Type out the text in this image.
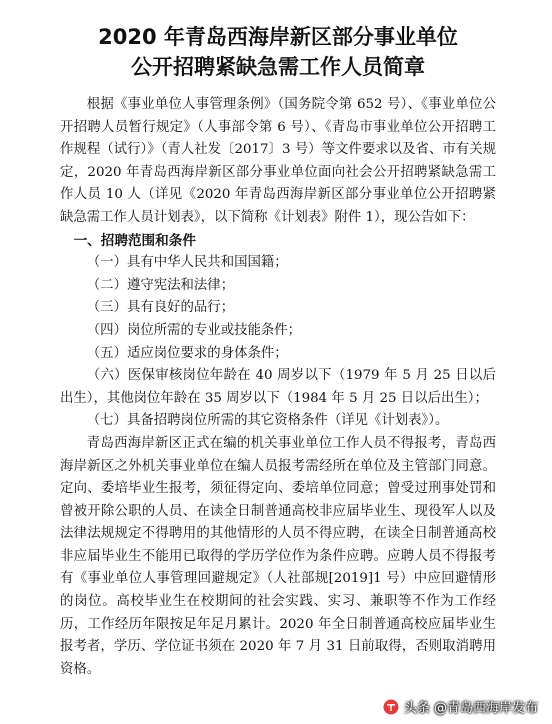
2020 年青岛西海岸新区部分事业单位
公开招聘紧缺急需工作人员简章

根据《事业单位人事管理条例》（国务院令第 652 号）、《事业单位公开招聘人员暂行规定》（人事部令第 6 号）、《青岛市事业单位公开招聘工作规程（试行）》（青人社发〔2017〕3 号）等文件要求以及省、市有关规定，2020 年青岛西海岸新区部分事业单位面向社会公开招聘紧缺急需工作人员 10 人（详见《2020 年青岛西海岸新区部分事业单位公开招聘紧缺急需工作人员计划表》，以下简称《计划表》附件 1），现公告如下：

一、招聘范围和条件

（一）具有中华人民共和国国籍；

（二）遵守宪法和法律；

（三）具有良好的品行；

（四）岗位所需的专业或技能条件；

（五）适应岗位要求的身体条件；

（六）医保审核岗位年龄在 40 周岁以下（1979 年 5 月 25 日以后出生），其他岗位年龄在 35 周岁以下（1984 年 5 月 25 日以后出生）；

（七）具备招聘岗位所需的其它资格条件（详见《计划表》）。

青岛西海岸新区正式在编的机关事业单位工作人员不得报考，青岛西海岸新区之外机关事业单位在编人员报考需经所在单位及主管部门同意。定向、委培毕业生报考，须征得定向、委培单位同意；曾受过刑事处罚和曾被开除公职的人员、在读全日制普通高校非应届毕业生、现役军人以及法律法规规定不得聘用的其他情形的人员不得应聘，在读全日制普通高校非应届毕业生不能用已取得的学历学位作为条件应聘。应聘人员不得报考有《事业单位人事管理回避规定》（人社部规[2019]1 号）中应回避情形的岗位。高校毕业生在校期间的社会实践、实习、兼职等不作为工作经历，工作经历年限按足年足月累计。2020 年全日制普通高校应届毕业生报考者，学历、学位证书须在 2020 年 7 月 31 日前取得，否则取消聘用资格。

头条 @青岛西海岸发布
